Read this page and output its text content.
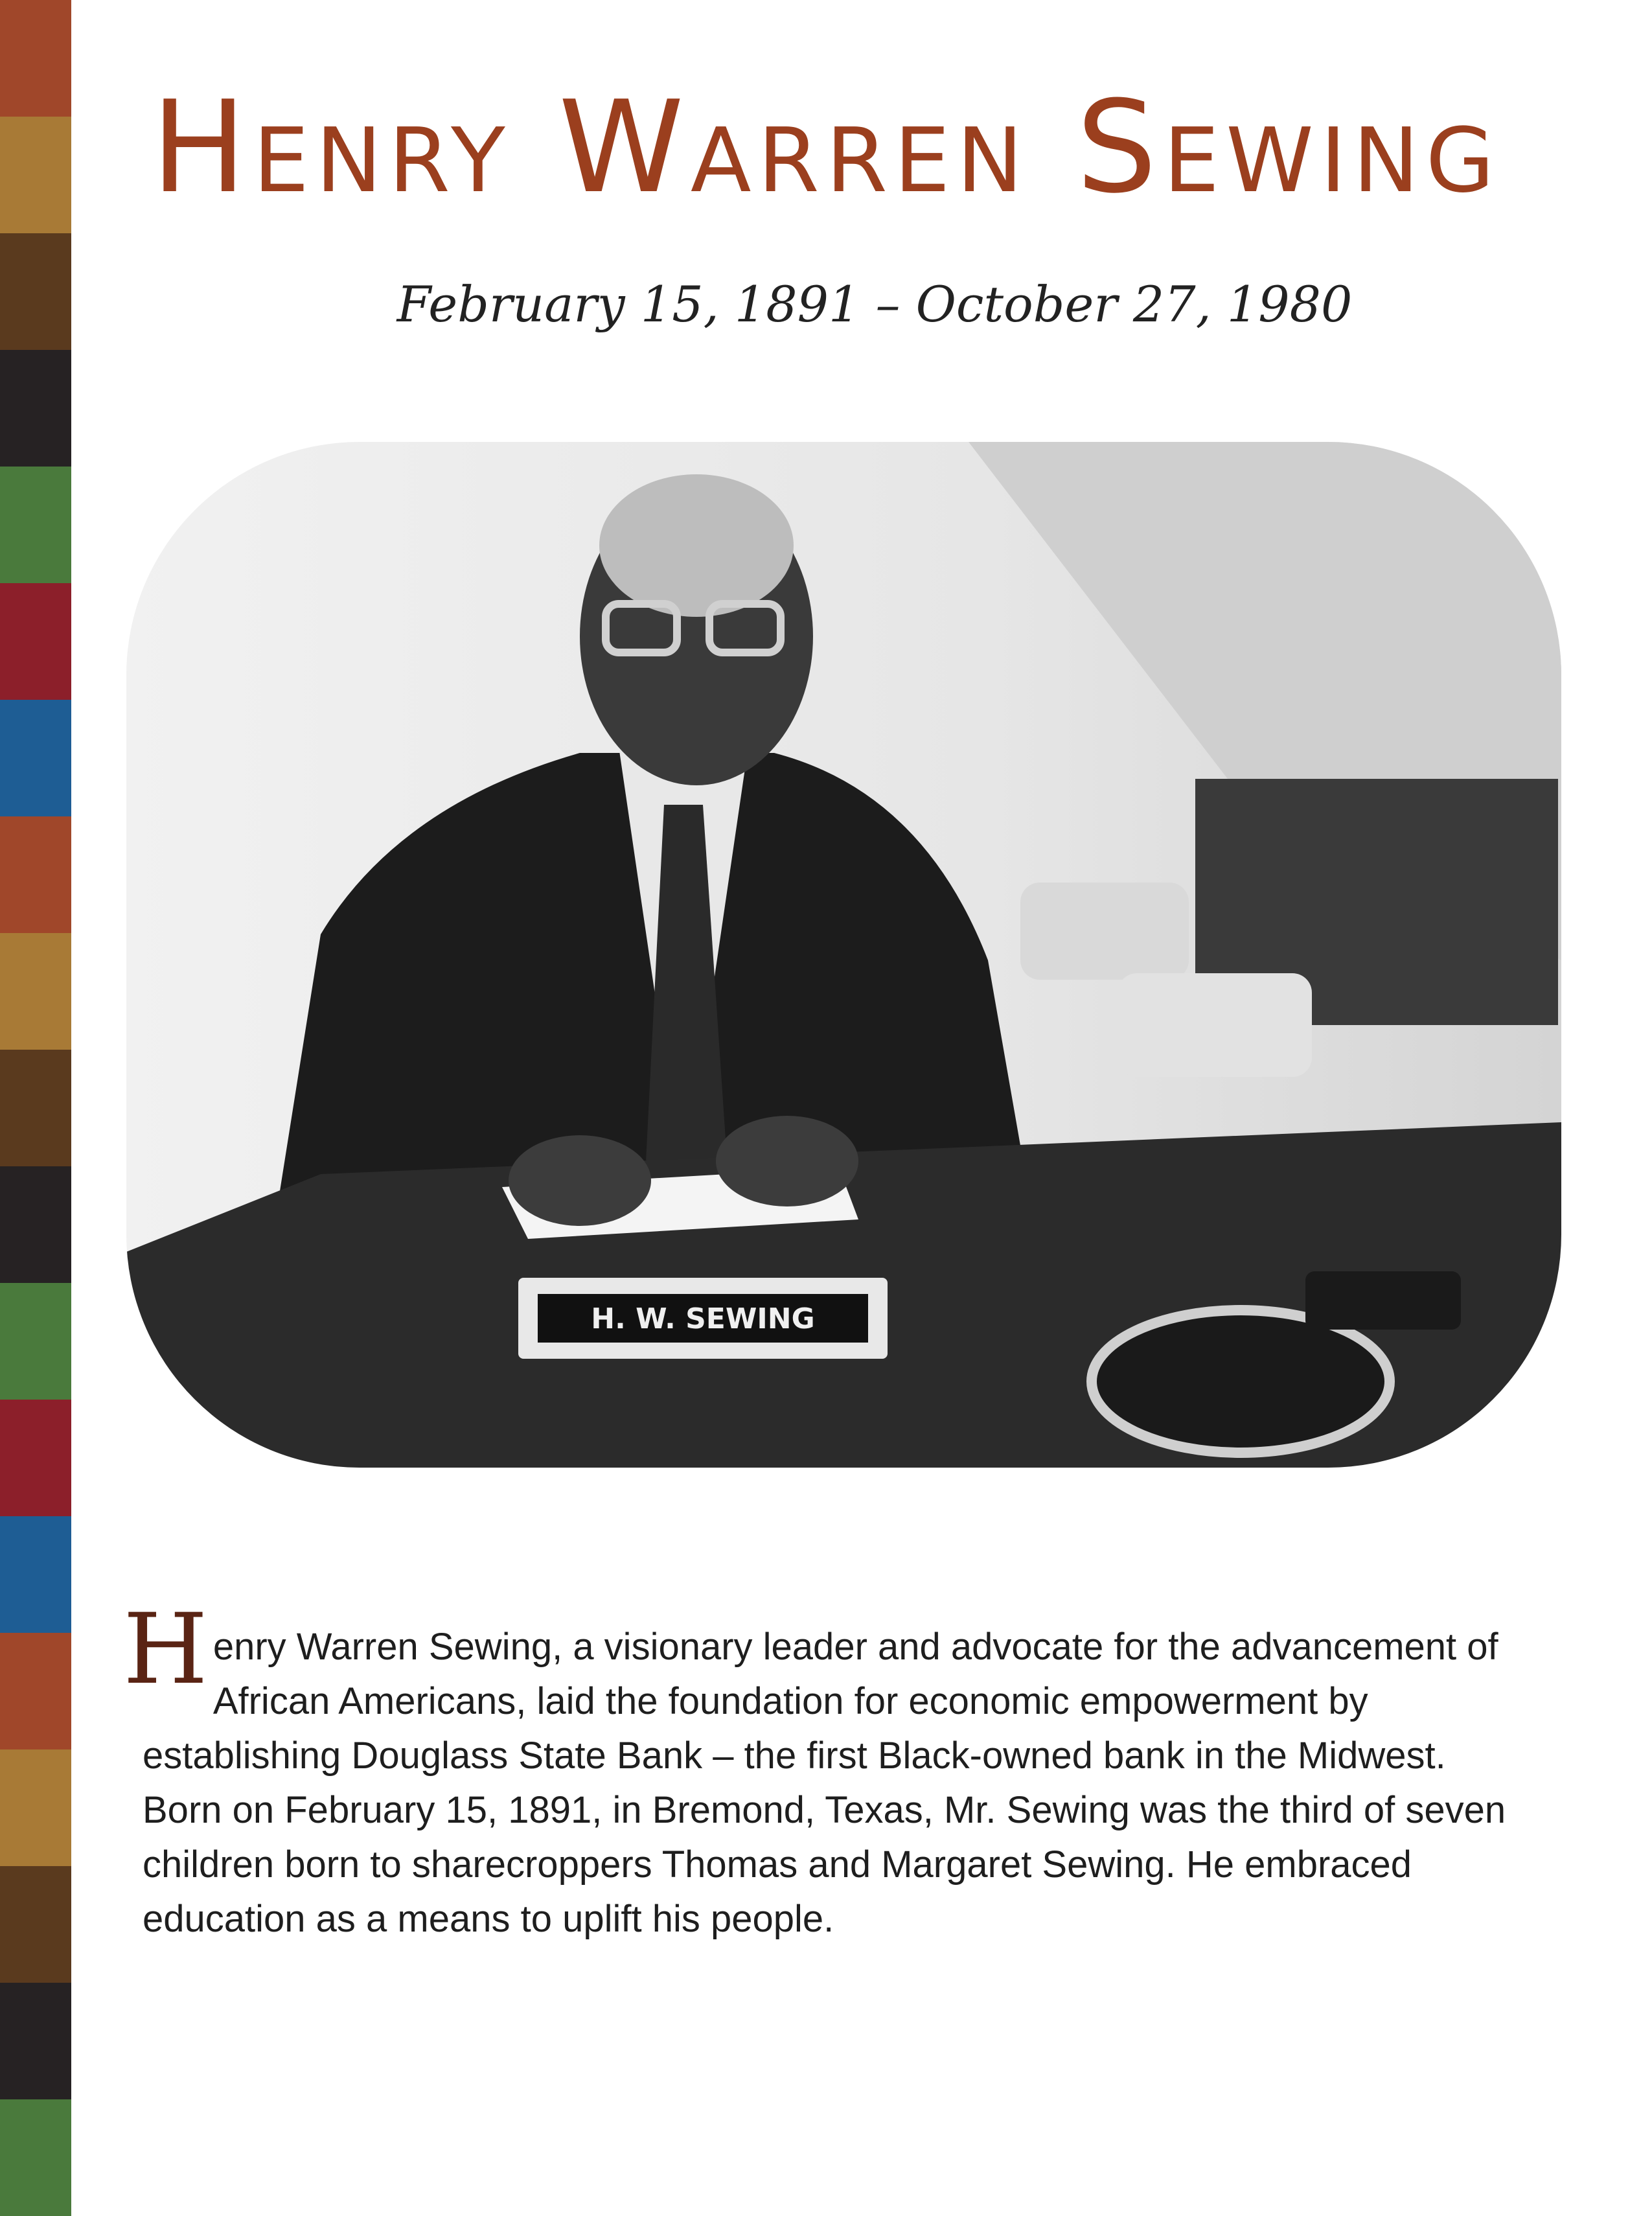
Henry Warren Sewing

February 15, 1891 – October 27, 1980

H. W. SEWING

Henry Warren Sewing, a visionary leader and advocate for the advancement of African Americans, laid the foundation for economic empowerment by establishing Douglass State Bank – the first Black-owned bank in the Midwest. Born on February 15, 1891, in Bremond, Texas, Mr. Sewing was the third of seven children born to sharecroppers Thomas and Margaret Sewing. He embraced education as a means to uplift his people.
